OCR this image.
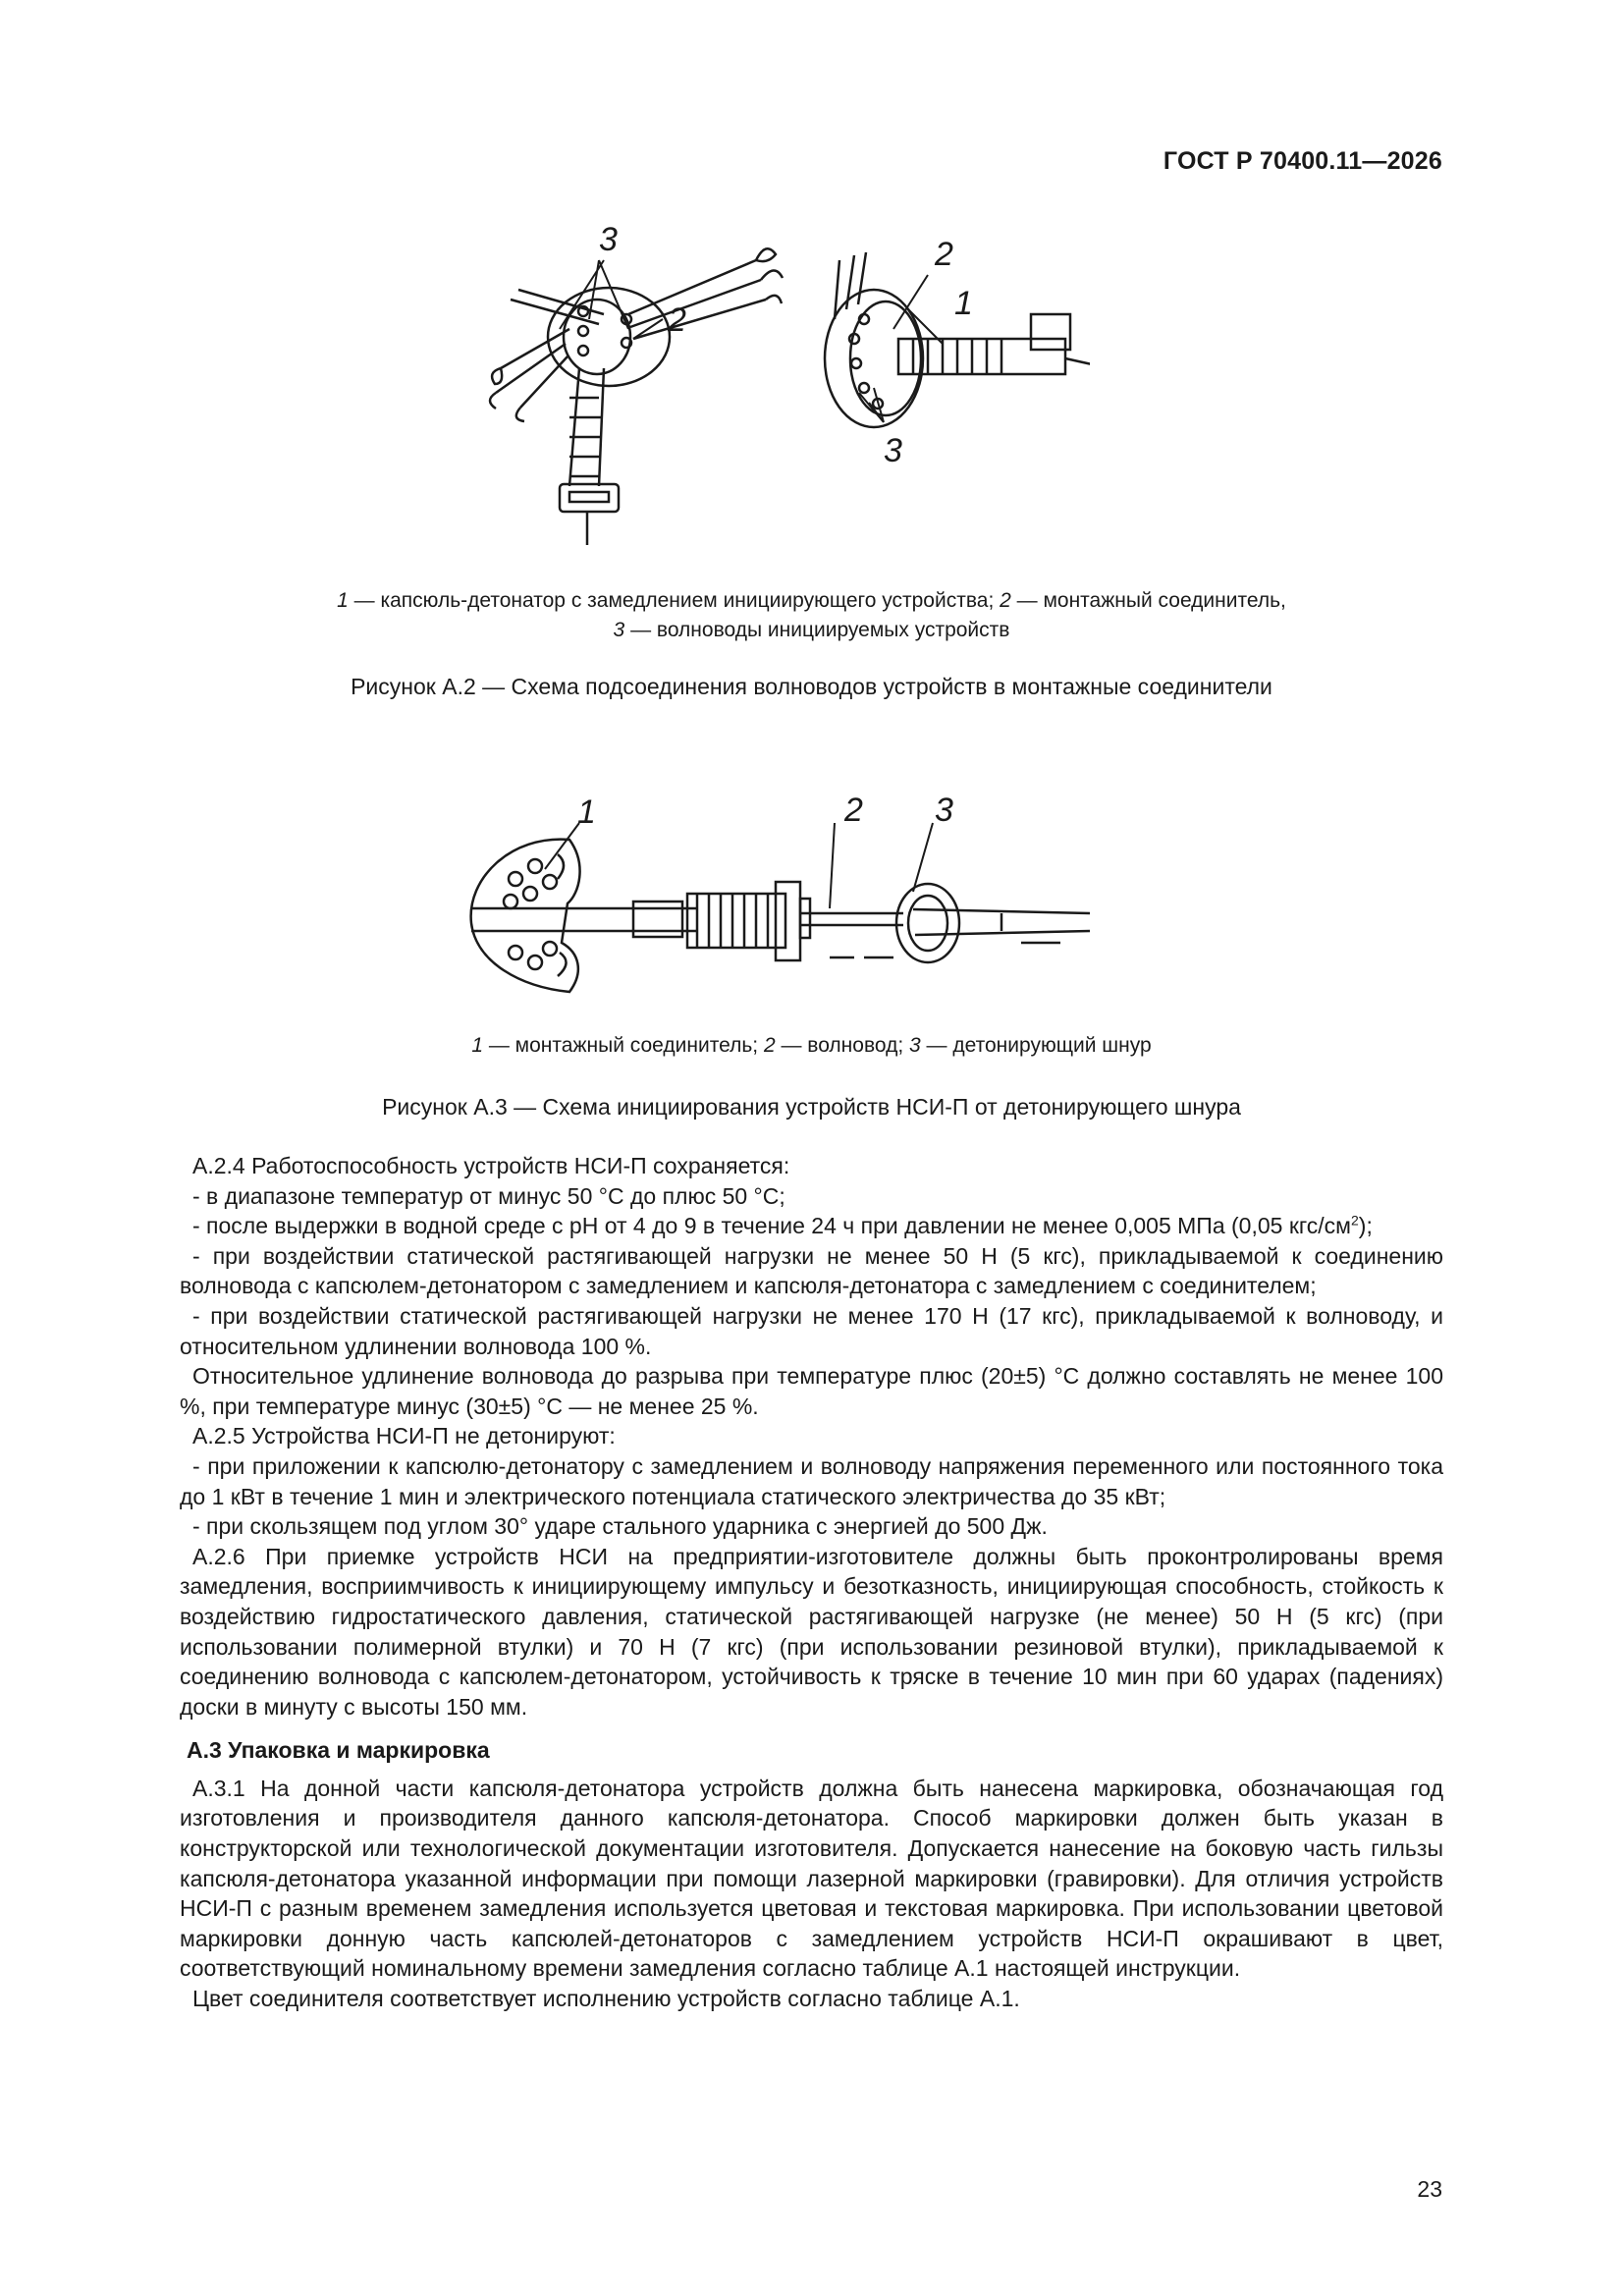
ГОСТ Р 70400.11—2026
3
2
2
1
3
1 — капсюль-детонатор с замедлением инициирующего устройства; 2 — монтажный соединитель,
3 — волноводы инициируемых устройств
Рисунок А.2 — Схема подсоединения волноводов устройств в монтажные соединители
1	2 3
1 — монтажный соединитель; 2 — волновод; 3 — детонирующий шнур
Рисунок А.3 — Схема инициирования устройств НСИ-П от детонирующего шнура

А.2.4 Работоспособность устройств НСИ-П сохраняется:

- в диапазоне температур от минус 50 °С до плюс 50 °С;

- после выдержки в водной среде с рН от 4 до 9 в течение 24 ч при давлении не менее 0,005 МПа (0,05 кгс/$см^2$);

- при воздействии статической растягивающей нагрузки не менее 50 Н (5 кгс), прикладываемой к соединению волновода с капсюлем-детонатором с замедлением и капсюля-детонатора с замедлением с соединителем;

- при воздействии статической растягивающей нагрузки не менее 170 Н (17 кгс), прикладываемой к волноводу, и относительном удлинении волновода 100 %.

Относительное удлинение волновода до разрыва при температуре плюс (20±5) °С должно составлять не менее 100 %, при температуре минус (30±5) °С — не менее 25 %.

А.2.5 Устройства НСИ-П не детонируют:

- при приложении к капсюлю-детонатору с замедлением и волноводу напряжения переменного или постоянного тока до 1 кВт в течение 1 мин и электрического потенциала статического электричества до 35 кВт;

- при скользящем под углом 30° ударе стального ударника с энергией до 500 Дж.

А.2.6 При приемке устройств НСИ на предприятии-изготовителе должны быть проконтролированы время замедления, восприимчивость к инициирующему импульсу и безотказность, инициирующая способность, стойкость к воздействию гидростатического давления, статической растягивающей нагрузке (не менее) 50 Н (5 кгс) (при использовании полимерной втулки) и 70 Н (7 кгс) (при использовании резиновой втулки), прикладываемой к соединению волновода с капсюлем-детонатором, устойчивость к тряске в течение 10 мин при 60 ударах (падениях) доски в минуту с высоты 150 мм.

А.3 Упаковка и маркировка

А.3.1 На донной части капсюля-детонатора устройств должна быть нанесена маркировка, обозначающая год изготовления и производителя данного капсюля-детонатора. Способ маркировки должен быть указан в конструкторской или технологической документации изготовителя. Допускается нанесение на боковую часть гильзы капсюля-детонатора указанной информации при помощи лазерной маркировки (гравировки). Для отличия устройств НСИ-П с разным временем замедления используется цветовая и текстовая маркировка. При использовании цветовой маркировки донную часть капсюлей-детонаторов с замедлением устройств НСИ-П окрашивают в цвет, соответствующий номинальному времени замедления согласно таблице А.1 настоящей инструкции.

Цвет соединителя соответствует исполнению устройств согласно таблице А.1.

23
